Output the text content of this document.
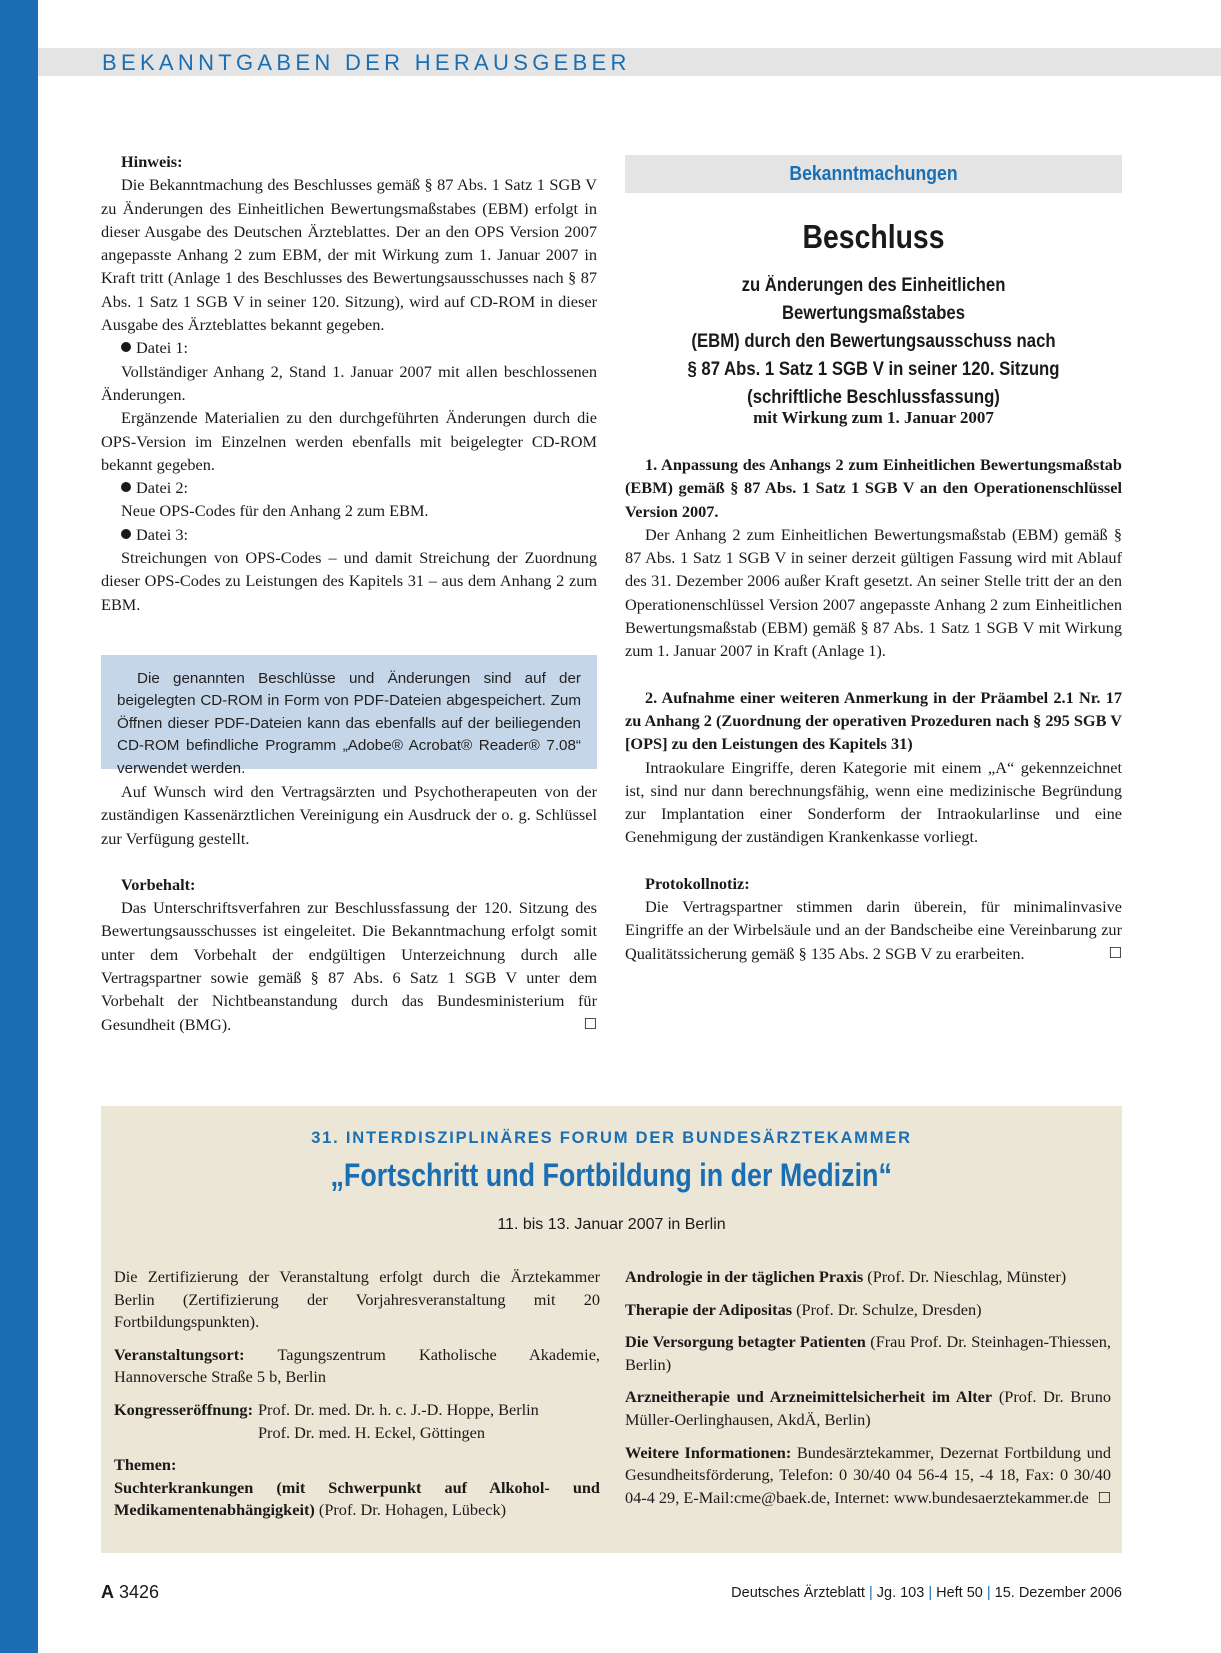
BEKANNTGABEN DER HERAUSGEBER

Hinweis:

Die Bekanntmachung des Beschlusses gemäß § 87 Abs. 1 Satz 1 SGB V zu Änderungen des Einheitlichen Bewertungsmaßstabes (EBM) erfolgt in dieser Ausgabe des Deutschen Ärzteblattes. Der an den OPS Version 2007 angepasste Anhang 2 zum EBM, der mit Wirkung zum 1. Januar 2007 in Kraft tritt (Anlage 1 des Beschlusses des Bewertungsausschusses nach § 87 Abs. 1 Satz 1 SGB V in seiner 120. Sitzung), wird auf CD-ROM in dieser Ausgabe des Ärzteblattes bekannt gegeben.

Datei 1:

Vollständiger Anhang 2, Stand 1. Januar 2007 mit allen beschlossenen Änderungen.

Ergänzende Materialien zu den durchgeführten Änderungen durch die OPS-Version im Einzelnen werden ebenfalls mit beigelegter CD-ROM bekannt gegeben.

Datei 2:

Neue OPS-Codes für den Anhang 2 zum EBM.

Datei 3:

Streichungen von OPS-Codes – und damit Streichung der Zuordnung dieser OPS-Codes zu Leistungen des Kapitels 31 – aus dem Anhang 2 zum EBM.

Die genannten Beschlüsse und Änderungen sind auf der beigelegten CD-ROM in Form von PDF-Dateien abgespeichert. Zum Öffnen dieser PDF-Dateien kann das ebenfalls auf der beiliegenden CD-ROM befindliche Programm „Adobe® Acrobat® Reader® 7.08“ verwendet werden.

Auf Wunsch wird den Vertragsärzten und Psychotherapeuten von der zuständigen Kassenärztlichen Vereinigung ein Ausdruck der o. g. Schlüssel zur Verfügung gestellt.

Vorbehalt:

Das Unterschriftsverfahren zur Beschlussfassung der 120. Sitzung des Bewertungsausschusses ist eingeleitet. Die Bekanntmachung erfolgt somit unter dem Vorbehalt der endgültigen Unterzeichnung durch alle Vertragspartner sowie gemäß § 87 Abs. 6 Satz 1 SGB V unter dem Vorbehalt der Nichtbeanstandung durch das Bundesministerium für Gesundheit (BMG).	☐

Bekanntmachungen
Beschluss
zu Änderungen des Einheitlichen Bewertungsmaßstabes
(EBM) durch den Bewertungsausschuss nach
§ 87 Abs. 1 Satz 1 SGB V in seiner 120. Sitzung
(schriftliche Beschlussfassung)
mit Wirkung zum 1. Januar 2007

1. Anpassung des Anhangs 2 zum Einheitlichen Bewertungsmaßstab (EBM) gemäß § 87 Abs. 1 Satz 1 SGB V an den Operationenschlüssel Version 2007.

Der Anhang 2 zum Einheitlichen Bewertungsmaßstab (EBM) gemäß § 87 Abs. 1 Satz 1 SGB V in seiner derzeit gültigen Fassung wird mit Ablauf des 31. Dezember 2006 außer Kraft gesetzt. An seiner Stelle tritt der an den Operationenschlüssel Version 2007 angepasste Anhang 2 zum Einheitlichen Bewertungsmaßstab (EBM) gemäß § 87 Abs. 1 Satz 1 SGB V mit Wirkung zum 1. Januar 2007 in Kraft (Anlage 1).

2. Aufnahme einer weiteren Anmerkung in der Präambel 2.1 Nr. 17 zu Anhang 2 (Zuordnung der operativen Prozeduren nach § 295 SGB V [OPS] zu den Leistungen des Kapitels 31)

Intraokulare Eingriffe, deren Kategorie mit einem „A“ gekennzeichnet ist, sind nur dann berechnungsfähig, wenn eine medizinische Begründung zur Implantation einer Sonderform der Intraokularlinse und eine Genehmigung der zuständigen Krankenkasse vorliegt.

Protokollnotiz:

Die Vertragspartner stimmen darin überein, für minimalinvasive Eingriffe an der Wirbelsäule und an der Bandscheibe eine Vereinbarung zur Qualitätssicherung gemäß § 135 Abs. 2 SGB V zu erarbeiten.	☐

31. INTERDISZIPLINÄRES FORUM DER BUNDESÄRZTEKAMMER
„Fortschritt und Fortbildung in der Medizin“
11. bis 13. Januar 2007 in Berlin
Die Zertifizierung der Veranstaltung erfolgt durch die Ärztekammer Berlin (Zertifizierung der Vorjahresveranstaltung mit 20 Fortbildungspunkten).
Veranstaltungsort: Tagungszentrum Katholische Akademie, Hannoversche Straße 5 b, Berlin
Kongresseröffnung: Prof. Dr. med. Dr. h. c. J.-D. Hoppe, Berlin
Prof. Dr. med. H. Eckel, Göttingen
Themen:
Suchterkrankungen (mit Schwerpunkt auf Alkohol- und Medikamentenabhängigkeit) (Prof. Dr. Hohagen, Lübeck)
Andrologie in der täglichen Praxis (Prof. Dr. Nieschlag, Münster)
Therapie der Adipositas (Prof. Dr. Schulze, Dresden)
Die Versorgung betagter Patienten (Frau Prof. Dr. Steinhagen-Thiessen, Berlin)
Arzneitherapie und Arzneimittelsicherheit im Alter (Prof. Dr. Bruno Müller-Oerlinghausen, AkdÄ, Berlin)
Weitere Informationen: Bundesärztekammer, Dezernat Fortbildung und Gesundheitsförderung, Telefon: 0 30/40 04 56-4 15, -4 18, Fax: 0 30/40 04-4 29, E-Mail:cme@baek.de, Internet: www.bundesaerztekammer.de ☐
A 3426	Deutsches Ärzteblatt | Jg. 103 | Heft 50 | 15. Dezember 2006
